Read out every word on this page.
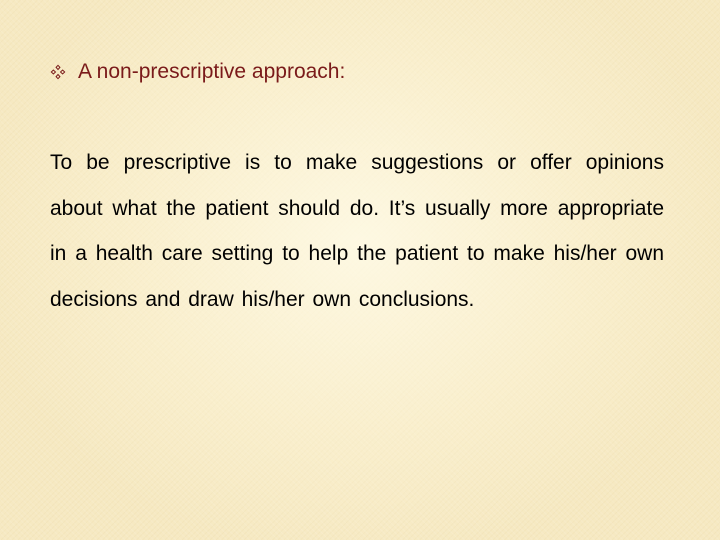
A non-prescriptive approach:

To be prescriptive is to make suggestions or offer opinions about what the patient should do. It’s usually more appropriate in a health care setting to help the patient to make his/her own decisions and draw his/her own conclusions.
